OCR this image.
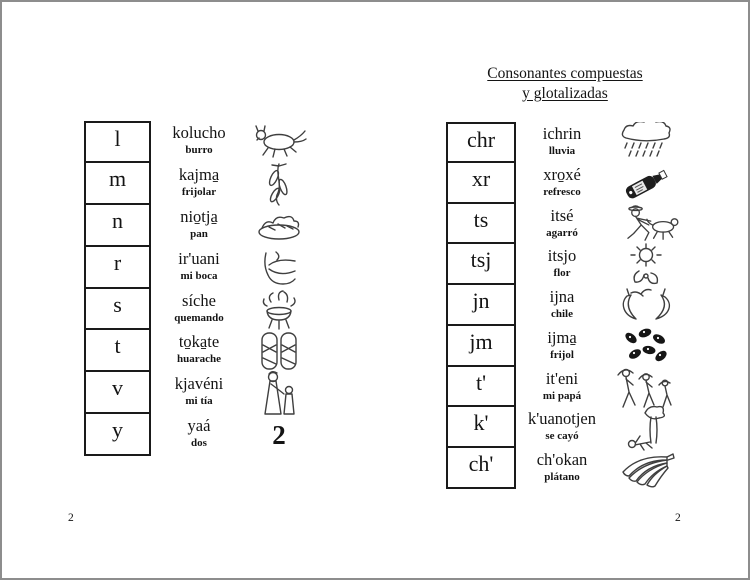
Consonantes compuestas
y glotalizadas
l	kolucho
burro
m	kajma̱
frijolar
n	nio̱tja̱
pan
r	ir'uani
mi boca
s	síche
quemando
t	to̱ka̱te
huarache
v	kjavéni
mi tía
y	yaá
dos	2
chr	ichrin
lluvia
xr	xro̱xé
refresco
ts	itsé
agarró
tsj	itsjo
flor
jn	ijna
chile
jm	ijma̱
frijol
t'	it'eni
mi papá
k'	k'uanotjen
se cayó
ch'	ch'okan
plátano
2	2
